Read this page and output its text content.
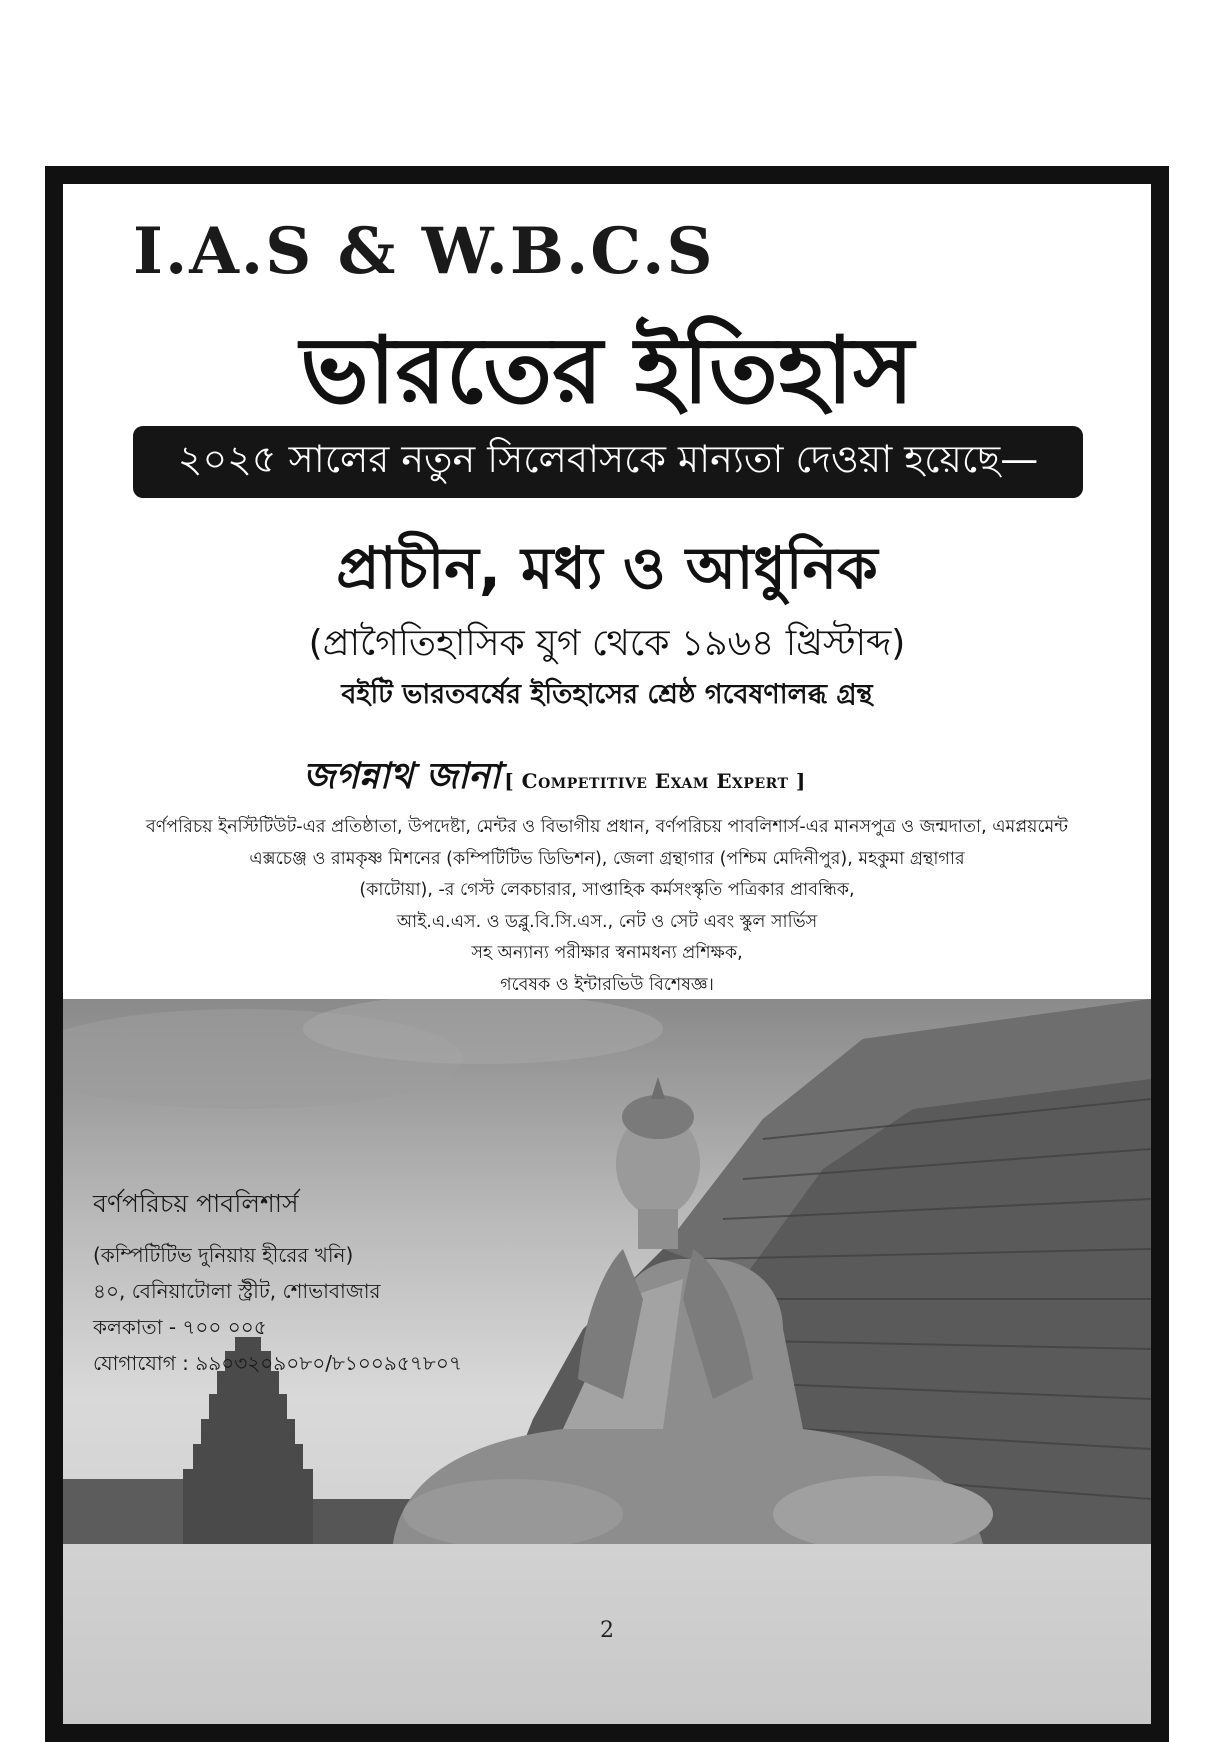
I.A.S & W.B.C.S
ভারতের ইতিহাস
২০২৫ সালের নতুন সিলেবাসকে মান্যতা দেওয়া হয়েছে—
প্রাচীন, মধ্য ও আধুনিক
(প্রাগৈতিহাসিক যুগ থেকে ১৯৬৪ খ্রিস্টাব্দ)
বইটি ভারতবর্ষের ইতিহাসের শ্রেষ্ঠ গবেষণালব্ধ গ্রন্থ
জগন্নাথ জানা [ Competitive Exam Expert ]
বর্ণপরিচয় ইনস্টিটিউট-এর প্রতিষ্ঠাতা, উপদেষ্টা, মেন্টর ও বিভাগীয় প্রধান, বর্ণপরিচয় পাবলিশার্স-এর মানসপুত্র ও জন্মদাতা, এমপ্লয়মেন্ট
এক্সচেঞ্জ ও রামকৃষ্ণ মিশনের (কম্পিটিটিভ ডিভিশন), জেলা গ্রন্থাগার (পশ্চিম মেদিনীপুর), মহকুমা গ্রন্থাগার
(কাটোয়া), -র গেস্ট লেকচারার, সাপ্তাহিক কর্মসংস্কৃতি পত্রিকার প্রাবন্ধিক,
আই.এ.এস. ও ডব্লু.বি.সি.এস., নেট ও সেট এবং স্কুল সার্ভিস
সহ অন্যান্য পরীক্ষার স্বনামধন্য প্রশিক্ষক,
গবেষক ও ইন্টারভিউ বিশেষজ্ঞ।
বর্ণপরিচয় পাবলিশার্স
(কম্পিটিটিভ দুনিয়ায় হীরের খনি)
৪০, বেনিয়াটোলা স্ট্রীট, শোভাবাজার
কলকাতা - ৭০০ ০০৫
যোগাযোগ : ৯৯০৩২০৯০৮০/৮১০০৯৫৭৮০৭
2
